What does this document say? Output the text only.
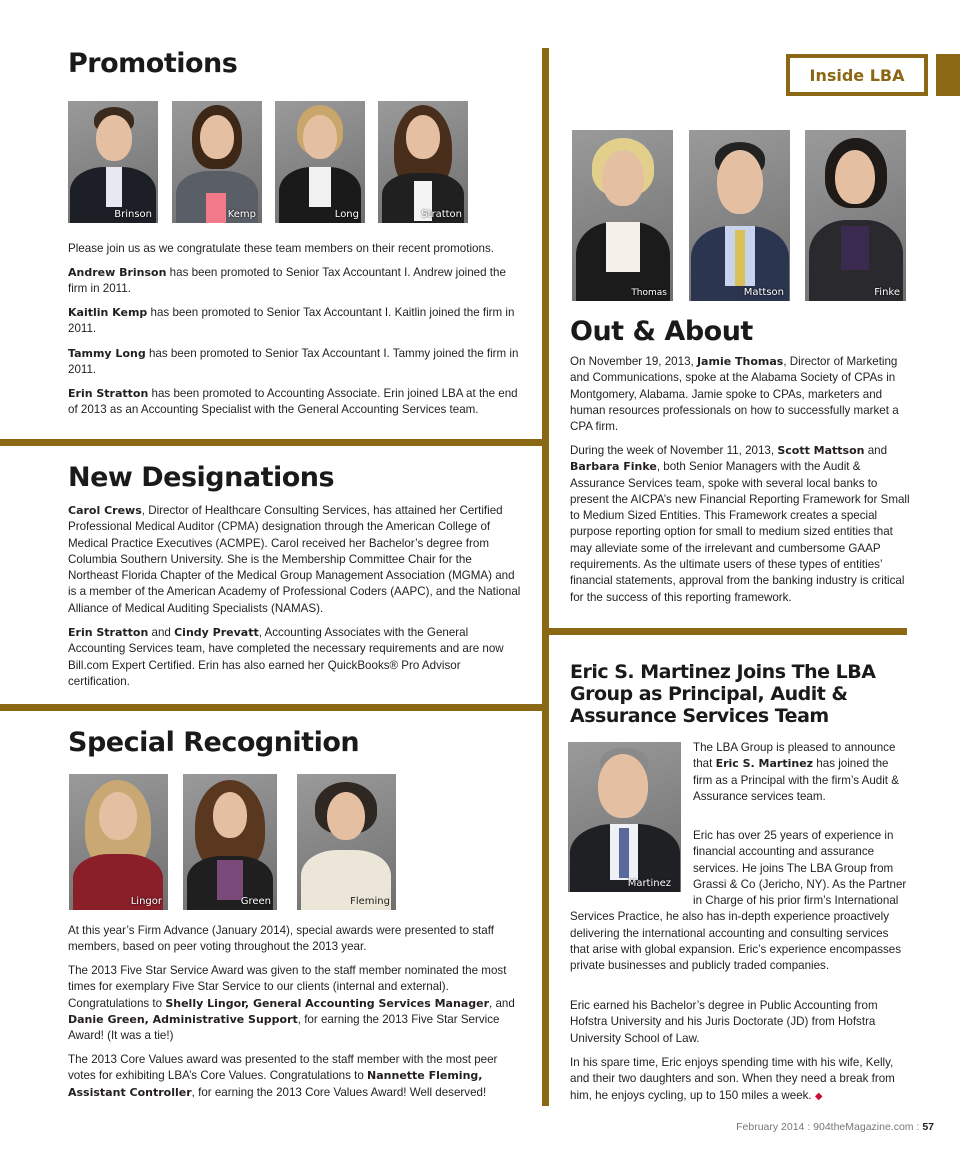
Inside LBA
Promotions
Brinson	Kemp	Long	Stratton
Please join us as we congratulate these team members on their recent promotions.
Andrew Brinson has been promoted to Senior Tax Accountant I. Andrew joined the firm in 2011.
Kaitlin Kemp has been promoted to Senior Tax Accountant I. Kaitlin joined the firm in 2011.
Tammy Long has been promoted to Senior Tax Accountant I. Tammy joined the firm in 2011.
Erin Stratton has been promoted to Accounting Associate. Erin joined LBA at the end of 2013 as an Accounting Specialist with the General Accounting Services team.
New Designations
Carol Crews, Director of Healthcare Consulting Services, has attained her Certified Professional Medical Auditor (CPMA) designation through the American College of Medical Practice Executives (ACMPE). Carol received her Bachelor’s degree from Columbia Southern University. She is the Membership Committee Chair for the Northeast Florida Chapter of the Medical Group Management Association (MGMA) and is a member of the American Academy of Professional Coders (AAPC), and the National Alliance of Medical Auditing Specialists (NAMAS).
Erin Stratton and Cindy Prevatt, Accounting Associates with the General Accounting Services team, have completed the necessary requirements and are now Bill.com Expert Certified. Erin has also earned her QuickBooks® Pro Advisor certification.
Special Recognition
Lingor	Green	Fleming
At this year’s Firm Advance (January 2014), special awards were presented to staff members, based on peer voting throughout the 2013 year.
The 2013 Five Star Service Award was given to the staff member nominated the most times for exemplary Five Star Service to our clients (internal and external). Congratulations to Shelly Lingor, General Accounting Services Manager, and Danie Green, Administrative Support, for earning the 2013 Five Star Service Award! (It was a tie!)
The 2013 Core Values award was presented to the staff member with the most peer votes for exhibiting LBA’s Core Values. Congratulations to Nannette Fleming, Assistant Controller, for earning the 2013 Core Values Award! Well deserved!
Thomas	Mattson	Finke
Out & About
On November 19, 2013, Jamie Thomas, Director of Marketing and Communications, spoke at the Alabama Society of CPAs in Montgomery, Alabama. Jamie spoke to CPAs, marketers and human resources professionals on how to successfully market a CPA firm.
During the week of November 11, 2013, Scott Mattson and Barbara Finke, both Senior Managers with the Audit & Assurance Services team, spoke with several local banks to present the AICPA’s new Financial Reporting Framework for Small to Medium Sized Entities. This Framework creates a special purpose reporting option for small to medium sized entities that may alleviate some of the irrelevant and cumbersome GAAP requirements. As the ultimate users of these types of entities’ financial statements, approval from the banking industry is critical for the success of this reporting framework.
Eric S. Martinez Joins The LBA Group as Principal, Audit & Assurance Services Team
Martinez
The LBA Group is pleased to announce that Eric S. Martinez has joined the firm as a Principal with the firm’s Audit & Assurance services team.
Eric has over 25 years of experience in financial accounting and assurance services. He joins The LBA Group from Grassi & Co (Jericho, NY). As the Partner in Charge of his prior firm’s International Services Practice, he also has in-depth experience proactively delivering the international accounting and consulting services that arise with global expansion. Eric’s experience encompasses private businesses and publicly traded companies.
Eric earned his Bachelor’s degree in Public Accounting from Hofstra University and his Juris Doctorate (JD) from Hofstra University School of Law.
In his spare time, Eric enjoys spending time with his wife, Kelly, and their two daughters and son. When they need a break from him, he enjoys cycling, up to 150 miles a week. ◆
February 2014 : 904theMagazine.com : 57
